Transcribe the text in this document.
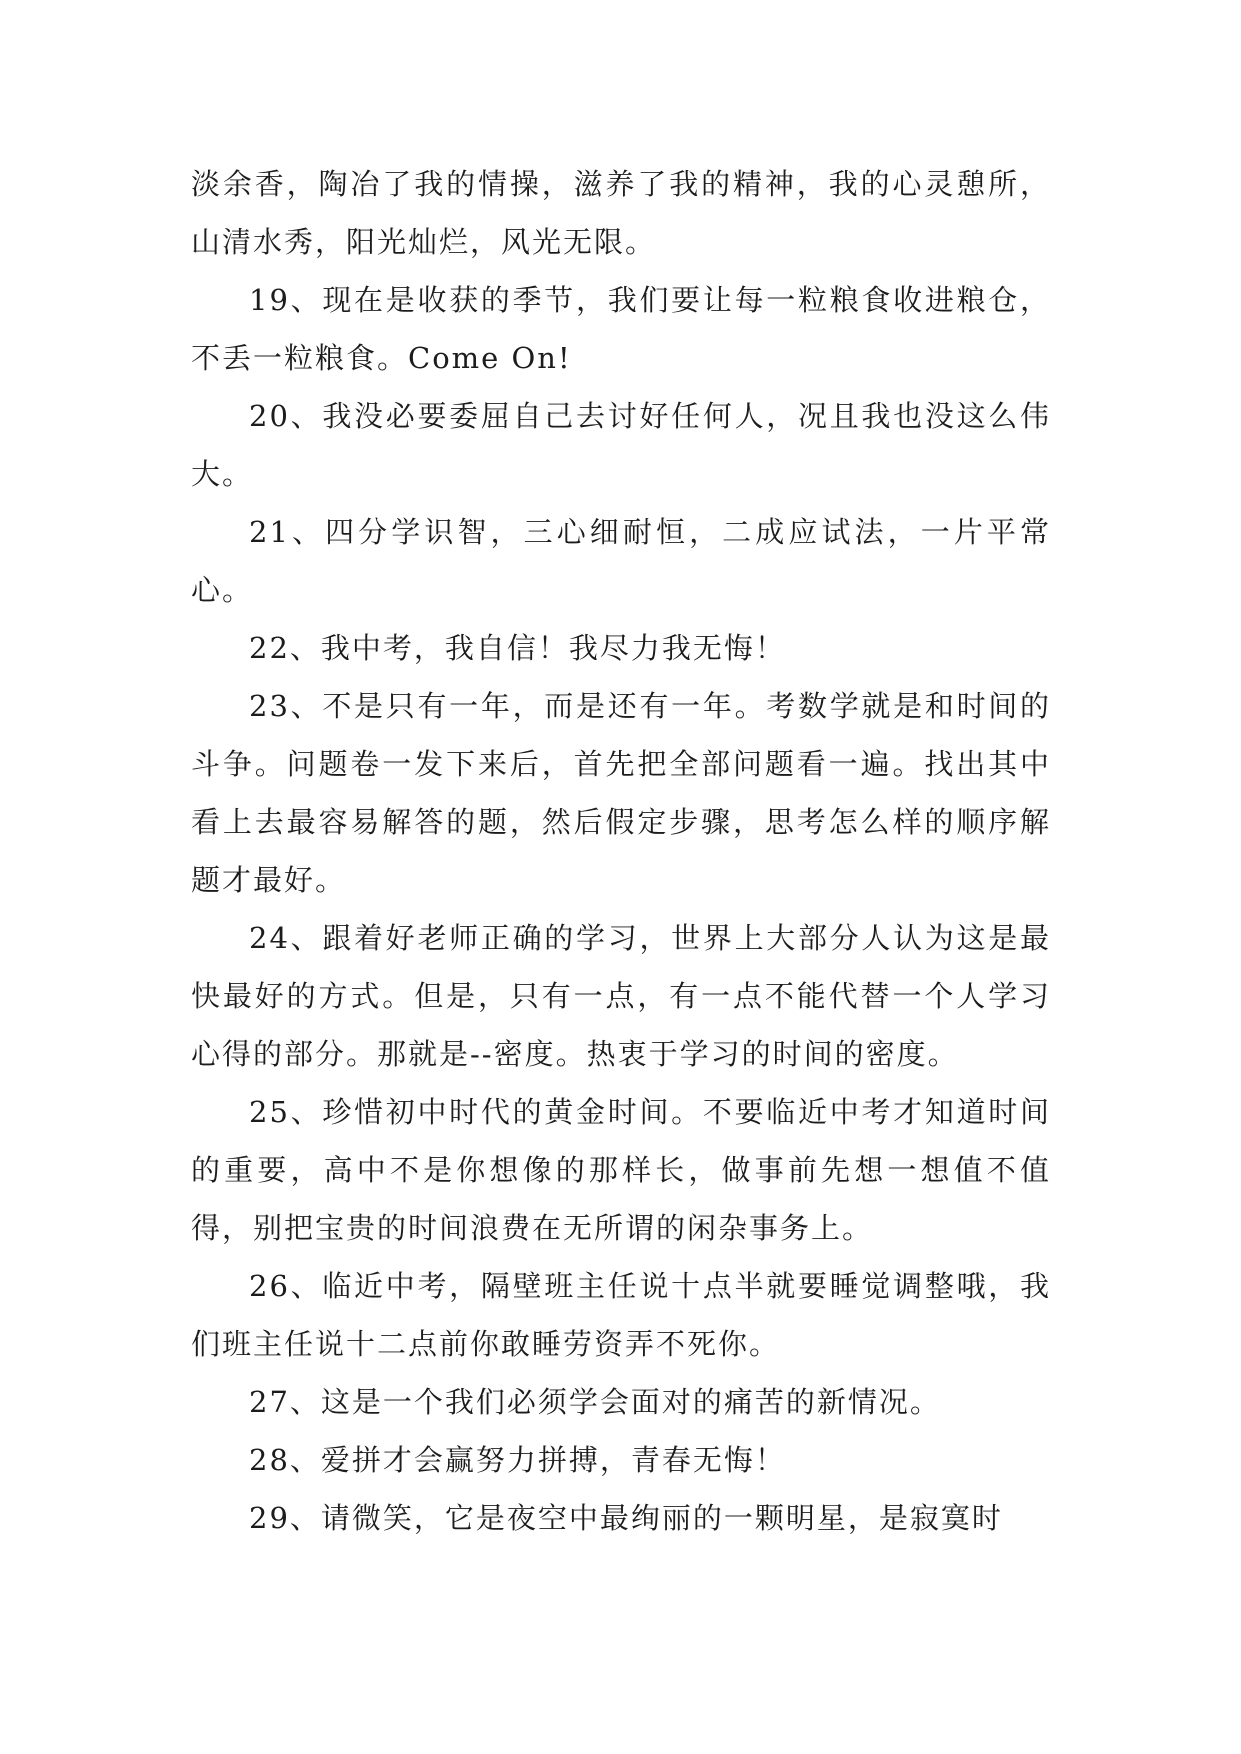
淡余香，陶冶了我的情操，滋养了我的精神，我的心灵憩所，山清水秀，阳光灿烂，风光无限。

19、现在是收获的季节，我们要让每一粒粮食收进粮仓，不丢一粒粮食。Come On!

20、我没必要委屈自己去讨好任何人，况且我也没这么伟大。

21、四分学识智，三心细耐恒，二成应试法，一片平常心。

22、我中考，我自信！我尽力我无悔！

23、不是只有一年，而是还有一年。考数学就是和时间的斗争。问题卷一发下来后，首先把全部问题看一遍。找出其中看上去最容易解答的题，然后假定步骤，思考怎么样的顺序解题才最好。

24、跟着好老师正确的学习，世界上大部分人认为这是最快最好的方式。但是，只有一点，有一点不能代替一个人学习心得的部分。那就是--密度。热衷于学习的时间的密度。

25、珍惜初中时代的黄金时间。不要临近中考才知道时间的重要，高中不是你想像的那样长，做事前先想一想值不值得，别把宝贵的时间浪费在无所谓的闲杂事务上。

26、临近中考，隔壁班主任说十点半就要睡觉调整哦，我们班主任说十二点前你敢睡劳资弄不死你。

27、这是一个我们必须学会面对的痛苦的新情况。

28、爱拼才会赢努力拼搏，青春无悔！

29、请微笑，它是夜空中最绚丽的一颗明星，是寂寞时
